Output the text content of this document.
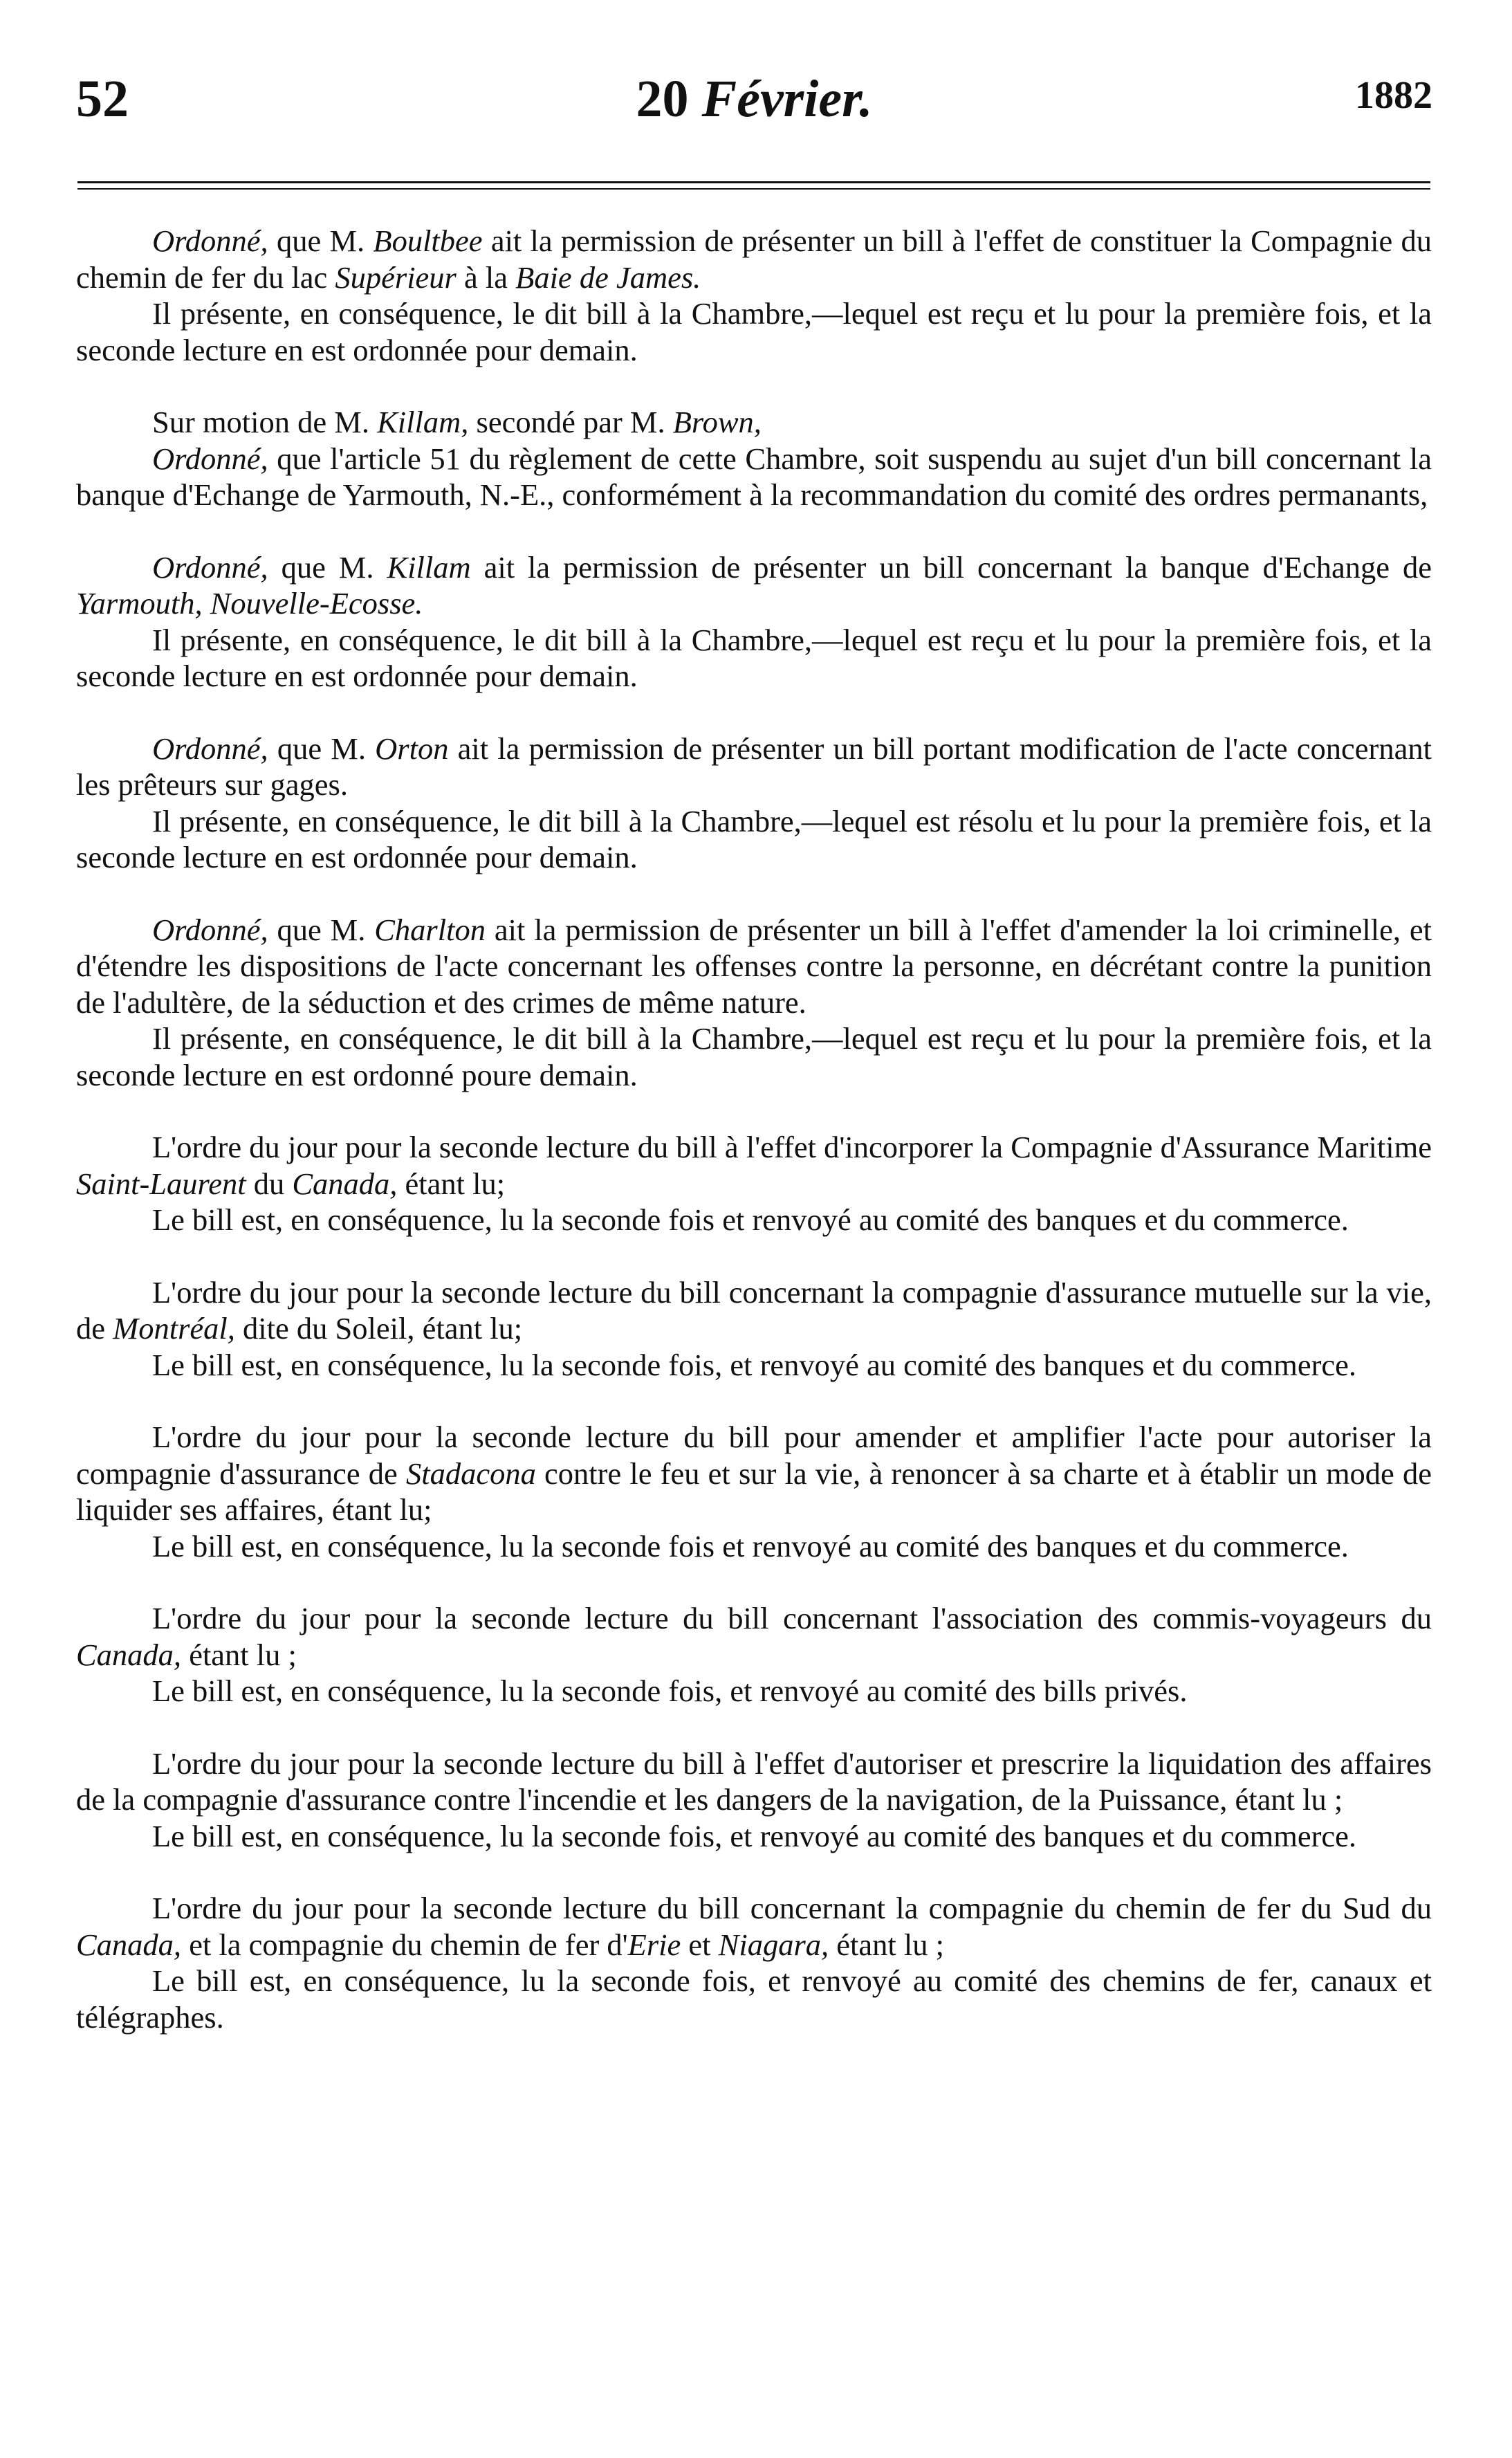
52	20 Février.	1882

Ordonné, que M. Boultbee ait la permission de présenter un bill à l'effet de constituer la Compagnie du chemin de fer du lac Supérieur à la Baie de James.

Il présente, en conséquence, le dit bill à la Chambre,—lequel est reçu et lu pour la première fois, et la seconde lecture en est ordonnée pour demain.

Sur motion de M. Killam, secondé par M. Brown,

Ordonné, que l'article 51 du règlement de cette Chambre, soit suspendu au sujet d'un bill concernant la banque d'Echange de Yarmouth, N.-E., conformément à la recommandation du comité des ordres permanants,

Ordonné, que M. Killam ait la permission de présenter un bill concernant la banque d'Echange de Yarmouth, Nouvelle-Ecosse.

Il présente, en conséquence, le dit bill à la Chambre,—lequel est reçu et lu pour la première fois, et la seconde lecture en est ordonnée pour demain.

Ordonné, que M. Orton ait la permission de présenter un bill portant modification de l'acte concernant les prêteurs sur gages.

Il présente, en conséquence, le dit bill à la Chambre,—lequel est résolu et lu pour la première fois, et la seconde lecture en est ordonnée pour demain.

Ordonné, que M. Charlton ait la permission de présenter un bill à l'effet d'amender la loi criminelle, et d'étendre les dispositions de l'acte concernant les offenses contre la personne, en décrétant contre la punition de l'adultère, de la séduction et des crimes de même nature.

Il présente, en conséquence, le dit bill à la Chambre,—lequel est reçu et lu pour la première fois, et la seconde lecture en est ordonné poure demain.

L'ordre du jour pour la seconde lecture du bill à l'effet d'incorporer la Compagnie d'Assurance Maritime Saint-Laurent du Canada, étant lu;

Le bill est, en conséquence, lu la seconde fois et renvoyé au comité des banques et du commerce.

L'ordre du jour pour la seconde lecture du bill concernant la compagnie d'assurance mutuelle sur la vie, de Montréal, dite du Soleil, étant lu;

Le bill est, en conséquence, lu la seconde fois, et renvoyé au comité des banques et du commerce.

L'ordre du jour pour la seconde lecture du bill pour amender et amplifier l'acte pour autoriser la compagnie d'assurance de Stadacona contre le feu et sur la vie, à renoncer à sa charte et à établir un mode de liquider ses affaires, étant lu;

Le bill est, en conséquence, lu la seconde fois et renvoyé au comité des banques et du commerce.

L'ordre du jour pour la seconde lecture du bill concernant l'association des commis-voyageurs du Canada, étant lu ;

Le bill est, en conséquence, lu la seconde fois, et renvoyé au comité des bills privés.

L'ordre du jour pour la seconde lecture du bill à l'effet d'autoriser et prescrire la liquidation des affaires de la compagnie d'assurance contre l'incendie et les dangers de la navigation, de la Puissance, étant lu ;

Le bill est, en conséquence, lu la seconde fois, et renvoyé au comité des banques et du commerce.

L'ordre du jour pour la seconde lecture du bill concernant la compagnie du chemin de fer du Sud du Canada, et la compagnie du chemin de fer d'Erie et Niagara, étant lu ;

Le bill est, en conséquence, lu la seconde fois, et renvoyé au comité des chemins de fer, canaux et télégraphes.
